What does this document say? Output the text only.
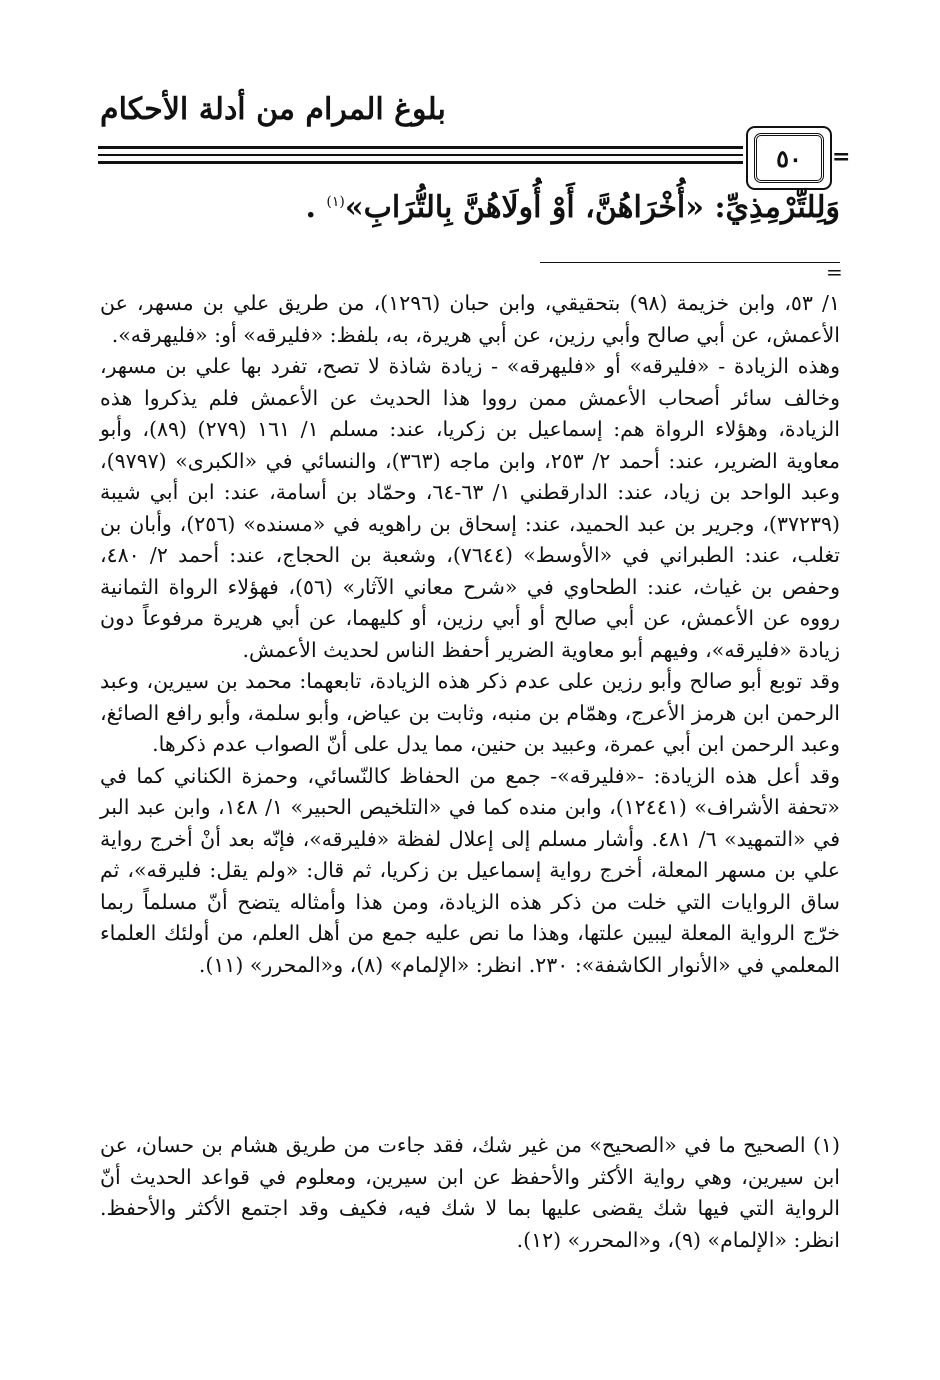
بلوغ المرام من أدلة الأحكام
٥٠	=
وَلِلتِّرْمِذِيِّ: «أُخْرَاهُنَّ، أَوْ أُولَاهُنَّ بِالتُّرَابِ»$^{(١)}$ .
=

١/ ٥٣، وابن خزيمة (٩٨) بتحقيقي، وابن حبان (١٢٩٦)، من طريق علي بن مسهر، عن الأعمش، عن أبي صالح وأبي رزين، عن أبي هريرة، به، بلفظ: «فليرقه» أو: «فليهرقه».

وهذه الزيادة - «فليرقه» أو «فليهرقه» - زيادة شاذة لا تصح، تفرد بها علي بن مسهر، وخالف سائر أصحاب الأعمش ممن رووا هذا الحديث عن الأعمش فلم يذكروا هذه الزيادة، وهؤلاء الرواة هم: إسماعيل بن زكريا، عند: مسلم ١/ ١٦١ (٢٧٩) (٨٩)، وأبو معاوية الضرير، عند: أحمد ٢/ ٢٥٣، وابن ماجه (٣٦٣)، والنسائي في «الكبرى» (٩٧٩٧)، وعبد الواحد بن زياد، عند: الدارقطني ١/ ٦٣-٦٤، وحمّاد بن أسامة، عند: ابن أبي شيبة (٣٧٢٣٩)، وجرير بن عبد الحميد، عند: إسحاق بن راهويه في «مسنده» (٢٥٦)، وأبان بن تغلب، عند: الطبراني في «الأوسط» (٧٦٤٤)، وشعبة بن الحجاج، عند: أحمد ٢/ ٤٨٠، وحفص بن غياث، عند: الطحاوي في «شرح معاني الآثار» (٥٦)، فهؤلاء الرواة الثمانية رووه عن الأعمش، عن أبي صالح أو أبي رزين، أو كليهما، عن أبي هريرة مرفوعاً دون زيادة «فليرقه»، وفيهم أبو معاوية الضرير أحفظ الناس لحديث الأعمش.

وقد توبع أبو صالح وأبو رزين على عدم ذكر هذه الزيادة، تابعهما: محمد بن سيرين، وعبد الرحمن ابن هرمز الأعرج، وهمّام بن منبه، وثابت بن عياض، وأبو سلمة، وأبو رافع الصائغ، وعبد الرحمن ابن أبي عمرة، وعبيد بن حنين، مما يدل على أنّ الصواب عدم ذكرها.

وقد أعل هذه الزيادة: -«فليرقه»- جمع من الحفاظ كالنّسائي، وحمزة الكناني كما في «تحفة الأشراف» (١٢٤٤١)، وابن منده كما في «التلخيص الحبير» ١/ ١٤٨، وابن عبد البر في «التمهيد» ٦/ ٤٨١. وأشار مسلم إلى إعلال لفظة «فليرقه»، فإنّه بعد أنْ أخرج رواية علي بن مسهر المعلة، أخرج رواية إسماعيل بن زكريا، ثم قال: «ولم يقل: فليرقه»، ثم ساق الروايات التي خلت من ذكر هذه الزيادة، ومن هذا وأمثاله يتضح أنّ مسلماً ربما خرّج الرواية المعلة ليبين علتها، وهذا ما نص عليه جمع من أهل العلم، من أولئك العلماء المعلمي في «الأنوار الكاشفة»: ٢٣٠. انظر: «الإلمام» (٨)، و«المحرر» (١١).

(١) الصحيح ما في «الصحيح» من غير شك، فقد جاءت من طريق هشام بن حسان، عن ابن سيرين، وهي رواية الأكثر والأحفظ عن ابن سيرين، ومعلوم في قواعد الحديث أنّ الرواية التي فيها شك يقضى عليها بما لا شك فيه، فكيف وقد اجتمع الأكثر والأحفظ. انظر: «الإلمام» (٩)، و«المحرر» (١٢).
